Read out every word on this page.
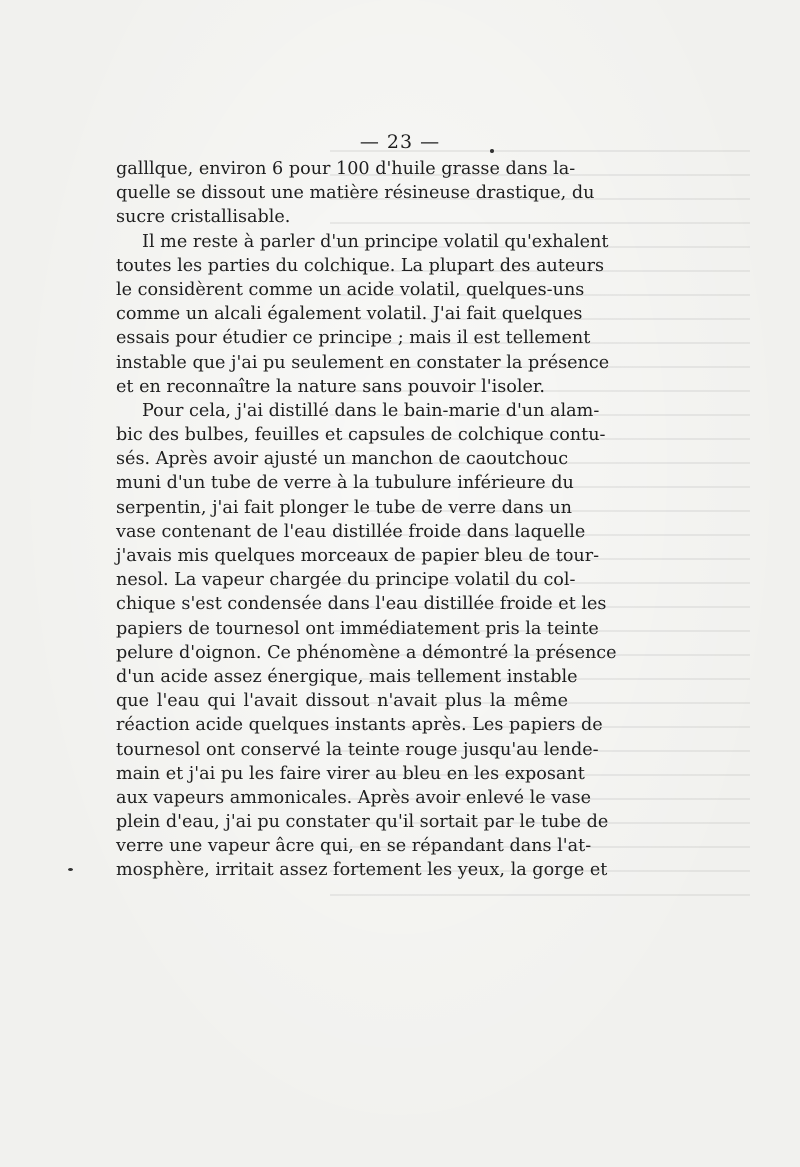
— 23 —
galllque, environ 6 pour 100 d'huile grasse dans la-
quelle se dissout une matière résineuse drastique, du
sucre cristallisable.
Il me reste à parler d'un principe volatil qu'exhalent
toutes les parties du colchique. La plupart des auteurs
le considèrent comme un acide volatil, quelques-uns
comme un alcali également volatil. J'ai fait quelques
essais pour étudier ce principe ; mais il est tellement
instable que j'ai pu seulement en constater la présence
et en reconnaître la nature sans pouvoir l'isoler.
Pour cela, j'ai distillé dans le bain-marie d'un alam-
bic des bulbes, feuilles et capsules de colchique contu-
sés. Après avoir ajusté un manchon de caoutchouc
muni d'un tube de verre à la tubulure inférieure du
serpentin, j'ai fait plonger le tube de verre dans un
vase contenant de l'eau distillée froide dans laquelle
j'avais mis quelques morceaux de papier bleu de tour-
nesol. La vapeur chargée du principe volatil du col-
chique s'est condensée dans l'eau distillée froide et les
papiers de tournesol ont immédiatement pris la teinte
pelure d'oignon. Ce phénomène a démontré la présence
d'un acide assez énergique, mais tellement instable
que l'eau qui l'avait dissout n'avait plus la même
réaction acide quelques instants après. Les papiers de
tournesol ont conservé la teinte rouge jusqu'au lende-
main et j'ai pu les faire virer au bleu en les exposant
aux vapeurs ammonicales. Après avoir enlevé le vase
plein d'eau, j'ai pu constater qu'il sortait par le tube de
verre une vapeur âcre qui, en se répandant dans l'at-
mosphère, irritait assez fortement les yeux, la gorge et
